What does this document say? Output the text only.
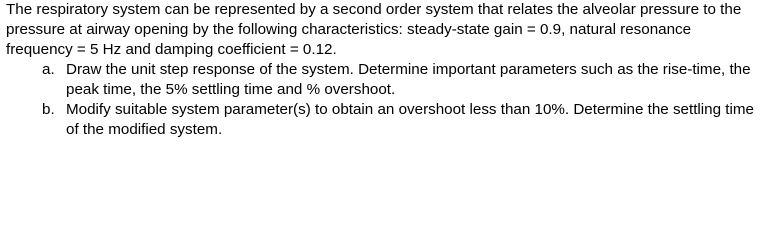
The respiratory system can be represented by a second order system that relates the alveolar pressure to the pressure at airway opening by the following characteristics: steady-state gain = 0.9, natural resonance frequency = 5 Hz and damping coefficient = 0.12.

a. Draw the unit step response of the system. Determine important parameters such as the rise-time, the peak time, the 5% settling time and % overshoot.
b. Modify suitable system parameter(s) to obtain an overshoot less than 10%. Determine the settling time of the modified system.
